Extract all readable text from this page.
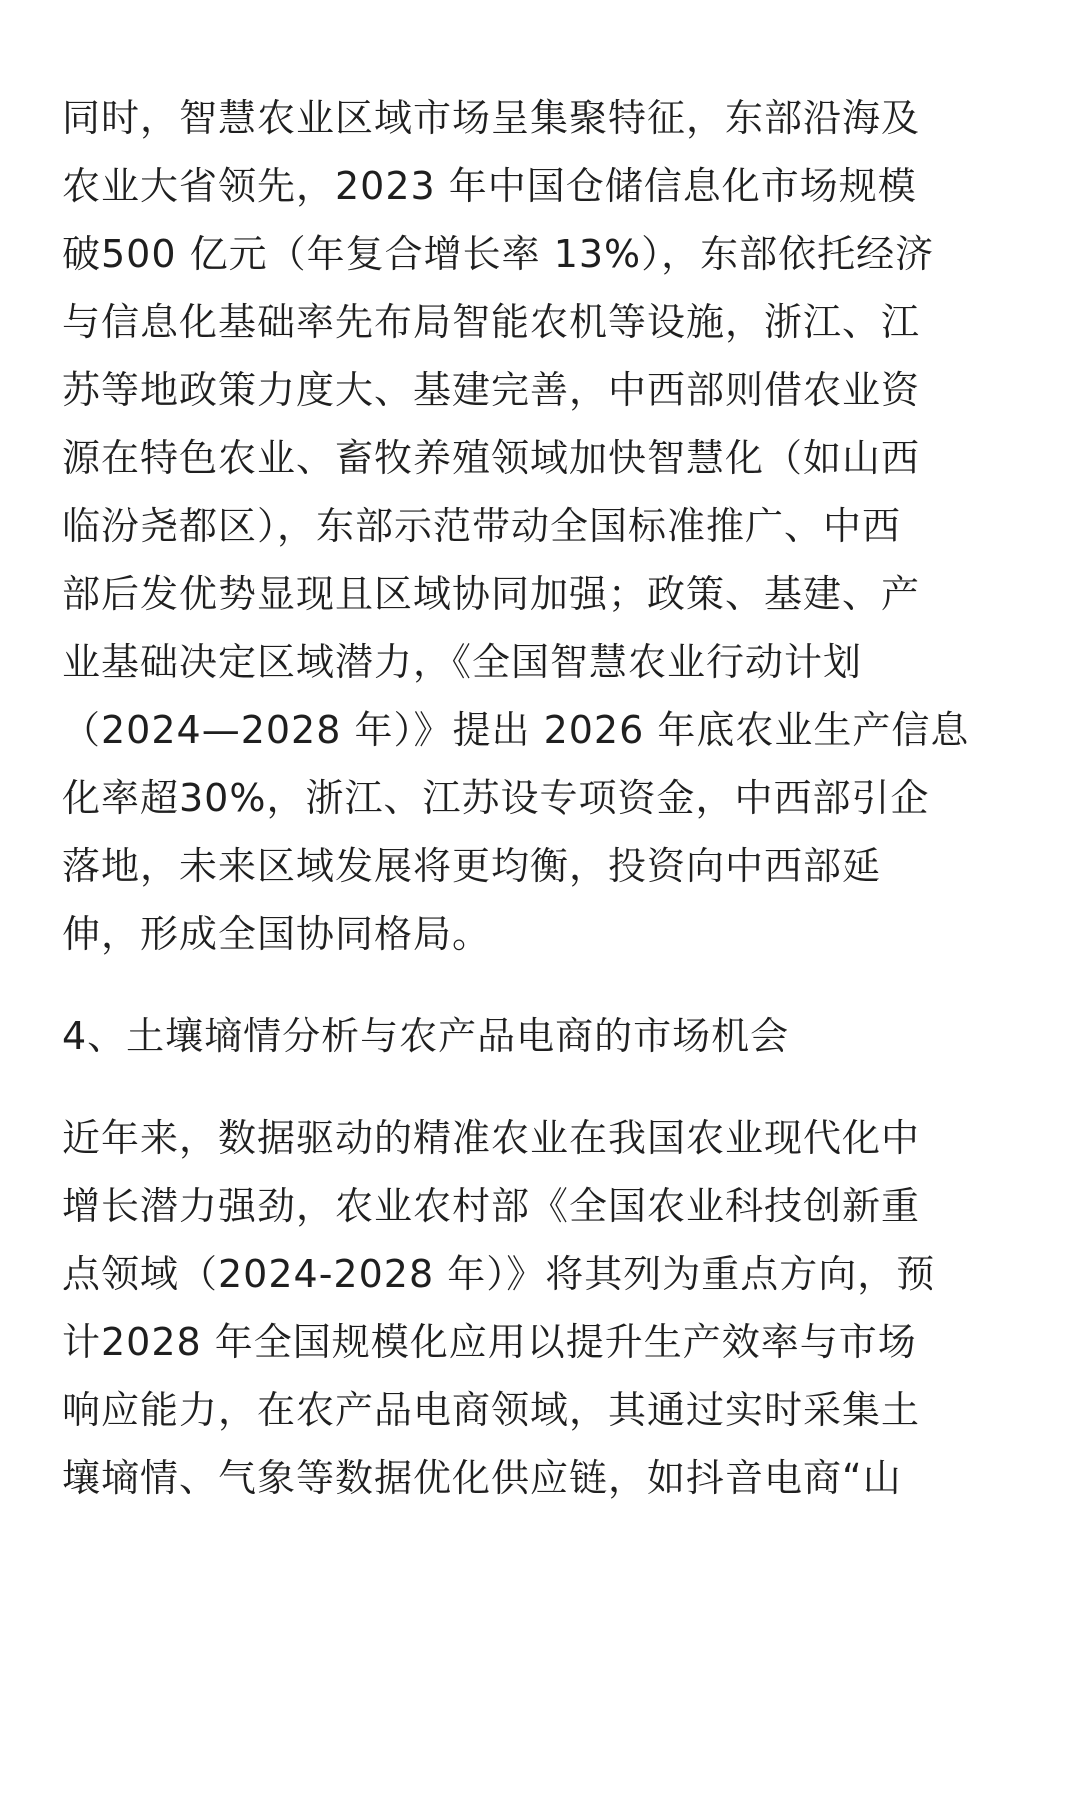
同时，智慧农业区域市场呈集聚特征，东部沿海及
农业大省领先，2023 年中国仓储信息化市场规模
破500 亿元（年复合增长率 13%），东部依托经济
与信息化基础率先布局智能农机等设施，浙江、江
苏等地政策力度大、基建完善，中西部则借农业资
源在特色农业、畜牧养殖领域加快智慧化（如山西
临汾尧都区），东部示范带动全国标准推广、中西
部后发优势显现且区域协同加强；政策、基建、产
业基础决定区域潜力，《全国智慧农业行动计划
（2024—2028 年）》提出 2026 年底农业生产信息
化率超30%，浙江、江苏设专项资金，中西部引企
落地，未来区域发展将更均衡，投资向中西部延
伸，形成全国协同格局。
4、土壤墒情分析与农产品电商的市场机会
近年来，数据驱动的精准农业在我国农业现代化中
增长潜力强劲，农业农村部《全国农业科技创新重
点领域（2024-2028 年）》将其列为重点方向，预
计2028 年全国规模化应用以提升生产效率与市场
响应能力，在农产品电商领域，其通过实时采集土
壤墒情、气象等数据优化供应链，如抖音电商“山
